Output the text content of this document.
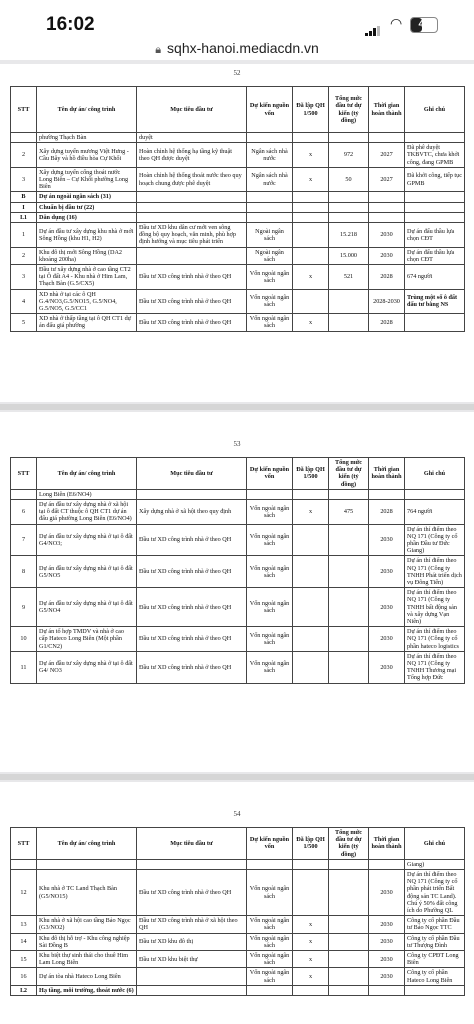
16:02	◠	41
🔒︎ sqhx-hanoi.mediacdn.vn
52
STT	Tên dự án/ công trình	Mục tiêu đầu tư	Dự kiến nguồn vốn	Đã lập QH 1/500	Tổng mức đầu tư dự kiến (tỷ đồng)	Thời gian hoàn thành	Ghi chú
	phường Thạch Bàn	duyệt					
2	Xây dựng tuyến mương Việt Hưng - Cầu Bây và hồ điều hòa Cự Khối	Hoàn chỉnh hệ thống hạ tầng kỹ thuật theo QH được duyệt	Ngân sách nhà nước	x	972	2027	Đã phê duyệt TKBVTC, chưa khởi công, đang GPMB
3	Xây dựng tuyến cống thoát nước Long Biên – Cự Khối phường Long Biên	Hoàn chỉnh hệ thống thoát nước theo quy hoạch chung được phê duyệt	Ngân sách nhà nước	x	50	2027	Đã khởi công, tiếp tục GPMB
B	Dự án ngoài ngân sách (31)						
I	Chuẩn bị đầu tư (22)						
I.1	Dân dụng (16)						
1	Dự án đầu tư xây dựng khu nhà ở mới Sông Hồng (khu H1, H2)	Đầu tư XD khu dân cư mới ven sông đồng bộ quy hoạch, văn minh, phù hợp định hướng và mục tiêu phát triển	Ngoài ngân sách		15.218	2030	Dự án đấu thầu lựa chọn CĐT
2	Khu đô thị mới Sông Hồng (DA2 khoảng 200ha)		Ngoài ngân sách		15.000	2030	Dự án đấu thầu lựa chọn CĐT
3	Đầu tư xây dựng nhà ở cao tầng CT2 tại Ô đất A4 - Khu nhà ở Him Lam, Thạch Bàn (G.5/CX5)	Đầu tư XD công trình nhà ở theo QH	Vốn ngoài ngân sách	x	521	2028	674 người
4	XD nhà ở tại các ô QH G.4/NO3,G.5/NO15, G.5/NO4, G.5/NO5, G.5/CC1	Đầu tư XD công trình nhà ở theo QH	Vốn ngoài ngân sách			2028-2030	Trùng một số ô đất đấu tư bằng NS
5	XD nhà ở thấp tầng tại ô QH CT1 dự án đấu giá phường	Đầu tư XD công trình nhà ở theo QH	Vốn ngoài ngân sách	x		2028	
53
STT	Tên dự án/ công trình	Mục tiêu đầu tư	Dự kiến nguồn vốn	Đã lập QH 1/500	Tổng mức đầu tư dự kiến (tỷ đồng)	Thời gian hoàn thành	Ghi chú
	Long Biên (E6/NO4)						
6	Dự án đầu tư xây dựng nhà ở xã hội tại ô đất CT thuộc ô QH CT1 dự án đấu giá phường Long Biên (E6/NO4)	Xây dựng nhà ở xã hội theo quy định	Vốn ngoài ngân sách	x	475	2028	764 người
7	Dự án đầu tư xây dựng nhà ở tại ô đất G4/NO3;	Đầu tư XD công trình nhà ở theo QH	Vốn ngoài ngân sách			2030	Dự án thí điểm theo NQ 171 (Công ty cổ phần Đầu tư Đức Giang)
8	Dự án đầu tư xây dựng nhà ở tại ô đất G5/NO5	Đầu tư XD công trình nhà ở theo QH	Vốn ngoài ngân sách			2030	Dự án thí điểm theo NQ 171 (Công ty TNHH Phát triển dịch vụ Đông Tiến)
9	Dự án đầu tư xây dựng nhà ở tại ô đất G5/NO4	Đầu tư XD công trình nhà ở theo QH	Vốn ngoài ngân sách			2030	Dự án thí điểm theo NQ 171 (Công ty TNHH bất động sản và xây dựng Vạn Niên)
10	Dự án tổ hợp TMDV và nhà ở cao cấp Hateco Long Biên (Một phần G1/CN2)	Đầu tư XD công trình nhà ở theo QH	Vốn ngoài ngân sách			2030	Dự án thí điểm theo NQ 171 (Công ty cổ phần hateco logistics
11	Dự án đầu tư xây dựng nhà ở tại ô đất G4/ NO3	Đầu tư XD công trình nhà ở theo QH	Vốn ngoài ngân sách			2030	Dự án thí điểm theo NQ 171 (Công ty TNHH Thương mại Tổng hợp Đức
54
STT	Tên dự án/ công trình	Mục tiêu đầu tư	Dự kiến nguồn vốn	Đã lập QH 1/500	Tổng mức đầu tư dự kiến (tỷ đồng)	Thời gian hoàn thành	Ghi chú
							Giang)
12	Khu nhà ở TC Land Thạch Bàn (G5/NO15)	Đầu tư XD công trình nhà ở theo QH	Vốn ngoài ngân sách			2030	Dự án thí điểm theo NQ 171 (Công ty cổ phần phát triển Bất động sản TC Land). Chú ý 50% đất công ích do Phường QL
13	Khu nhà ở xã hội cao tầng Bảo Ngọc (G3/NO2)	Đầu tư XD công trình nhà ở xã hội theo QH	Vốn ngoài ngân sách	x		2030	Công ty cổ phần Đầu tư Bảo Ngọc TTC
14	Khu đô thị hỗ trợ - Khu công nghiệp Sài Đồng B	Đầu tư XD khu đô thị	Vốn ngoài ngân sách	x		2030	Công ty cổ phần Đầu tư Thượng Đình
15	Khu biệt thự sinh thái cho thuê Him Lam Long Biên	Đầu tư XD khu biệt thự	Vốn ngoài ngân sách	x		2030	Công ty CPĐT Long Biên
16	Dự án tòa nhà Hateco Long Biên		Vốn ngoài ngân sách	x		2030	Công ty cổ phần Hateco Long Biên
I.2	Hạ tầng, môi trường, thoát nước (6)						
